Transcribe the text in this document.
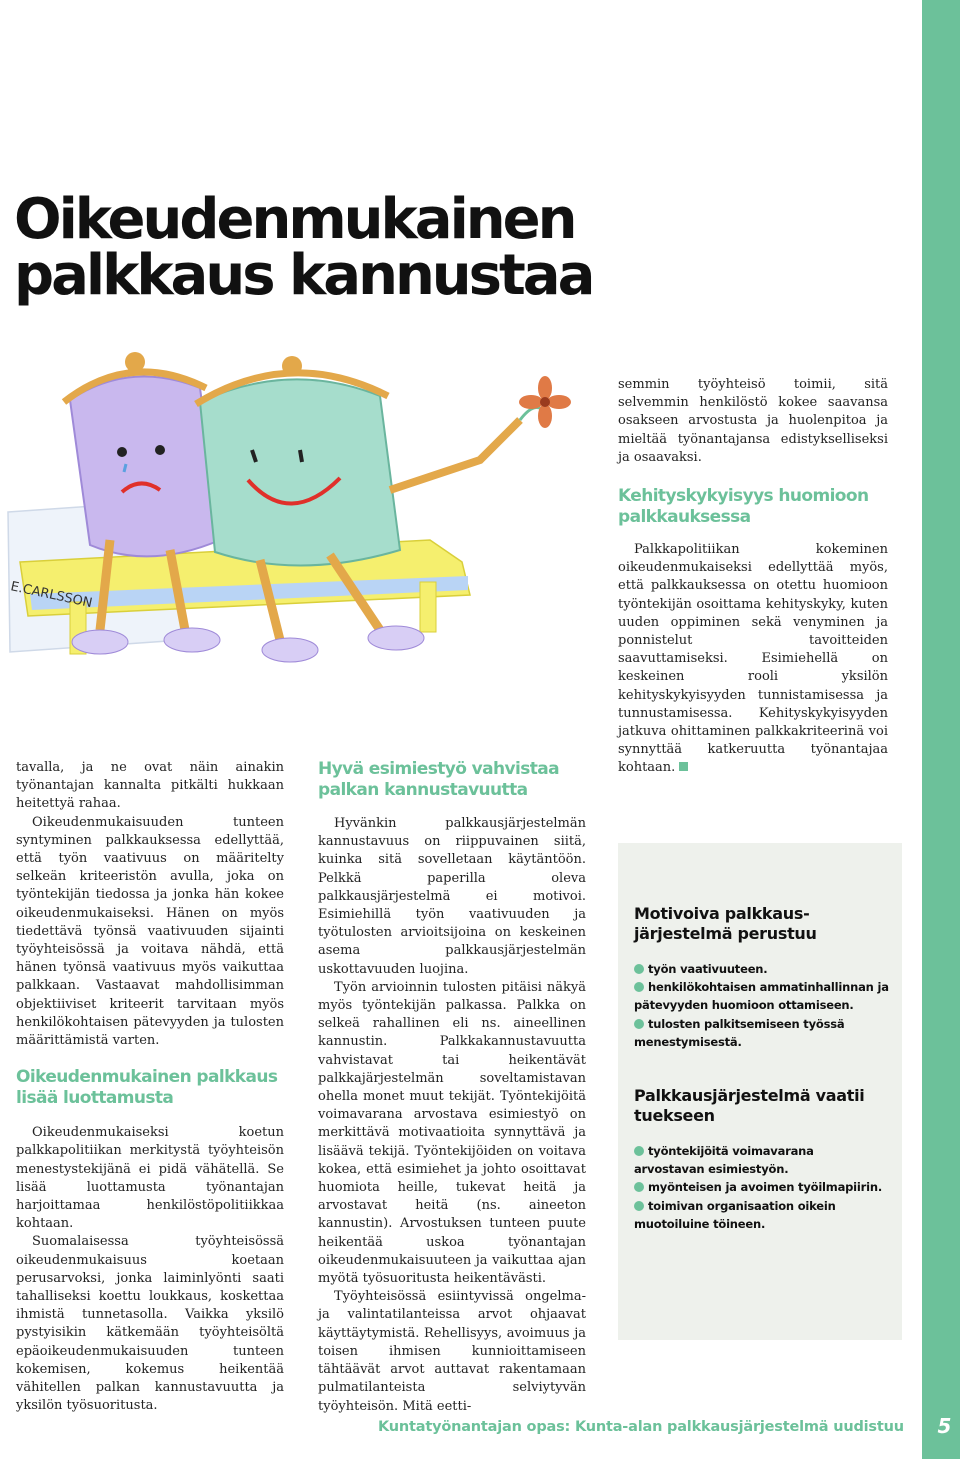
Oikeudenmukainen
palkkaus kannustaa
E.CARLSSON

semmin työyhteisö toimii, sitä selvemmin henkilöstö kokee saavansa osakseen arvostusta ja huolenpitoa ja mieltää työnantajansa edistykselliseksi ja osaavaksi.

Kehityskykyisyys huomioon
palkkauksessa

Palkkapolitiikan kokeminen oikeudenmukaiseksi edellyttää myös, että palkkauksessa on otettu huomioon työntekijän osoittama kehityskyky, kuten uuden oppiminen sekä venyminen ja ponnistelut tavoitteiden saavuttamiseksi. Esimiehellä on keskeinen rooli yksilön kehityskykyisyyden tunnistamisessa ja tunnustamisessa. Kehityskykyisyyden jatkuva ohittaminen palkkakriteerinä voi synnyttää katkeruutta työnantajaa kohtaan.

tavalla, ja ne ovat näin ainakin työnantajan kannalta pitkälti hukkaan heitettyä rahaa.

Oikeudenmukaisuuden tunteen syntyminen palkkauksessa edellyttää, että työn vaativuus on määritelty selkeän kriteeristön avulla, joka on työntekijän tiedossa ja jonka hän kokee oikeudenmukaiseksi. Hänen on myös tiedettävä työnsä vaativuuden sijainti työyhteisössä ja voitava nähdä, että hänen työnsä vaativuus myös vaikuttaa palkkaan. Vastaavat mahdollisimman objektiiviset kriteerit tarvitaan myös henkilökohtaisen pätevyyden ja tulosten määrittämistä varten.

Oikeudenmukainen palkkaus
lisää luottamusta

Oikeudenmukaiseksi koetun palkkapolitiikan merkitystä työyhteisön menestystekijänä ei pidä vähätellä. Se lisää luottamusta työnantajan harjoittamaa henkilöstöpolitiikkaa kohtaan.

Suomalaisessa työyhteisössä oikeudenmukaisuus koetaan perusarvoksi, jonka laiminlyönti saati tahalliseksi koettu loukkaus, koskettaa ihmistä tunnetasolla. Vaikka yksilö pystyisikin kätkemään työyhteisöltä epäoikeudenmukaisuuden tunteen kokemisen, kokemus heikentää vähitellen palkan kannustavuutta ja yksilön työsuoritusta.

Hyvä esimiestyö vahvistaa
palkan kannustavuutta

Hyvänkin palkkausjärjestelmän kannustavuus on riippuvainen siitä, kuinka sitä sovelletaan käytäntöön. Pelkkä paperilla oleva palkkausjärjestelmä ei motivoi. Esimiehillä työn vaativuuden ja työtulosten arvioitsijoina on keskeinen asema palkkausjärjestelmän uskottavuuden luojina.

Työn arvioinnin tulosten pitäisi näkyä myös työntekijän palkassa. Palkka on selkeä rahallinen eli ns. aineellinen kannustin. Palkkakannustavuutta vahvistavat tai heikentävät palkkajärjestelmän soveltamistavan ohella monet muut tekijät. Työntekijöitä voimavarana arvostava esimiestyö on merkittävä motivaatioita synnyttävä ja lisäävä tekijä. Työntekijöiden on voitava kokea, että esimiehet ja johto osoittavat huomiota heille, tukevat heitä ja arvostavat heitä (ns. aineeton kannustin). Arvostuksen tunteen puute heikentää uskoa työnantajan oikeudenmukaisuuteen ja vaikuttaa ajan myötä työsuoritusta heikentävästi.

Työyhteisössä esiintyvissä ongelma- ja valintatilanteissa arvot ohjaavat käyttäytymistä. Rehellisyys, avoimuus ja toisen ihmisen kunnioittamiseen tähtäävät arvot auttavat rakentamaan pulmatilanteista selviytyvän työyhteisön. Mitä eetti-

Motivoiva palkkaus-
järjestelmä perustuu
työn vaativuuteen.
henkilökohtaisen ammatinhallinnan ja
pätevyyden huomioon ottamiseen.
tulosten palkitsemiseen työssä
menestymisestä.
Palkkausjärjestelmä vaatii
tuekseen
työntekijöitä voimavarana
arvostavan esimiestyön.
myönteisen ja avoimen työilmapiirin.
toimivan organisaation oikein
muotoiluine töineen.
Kuntatyönantajan opas: Kunta-alan palkkausjärjestelmä uudistuu	5
